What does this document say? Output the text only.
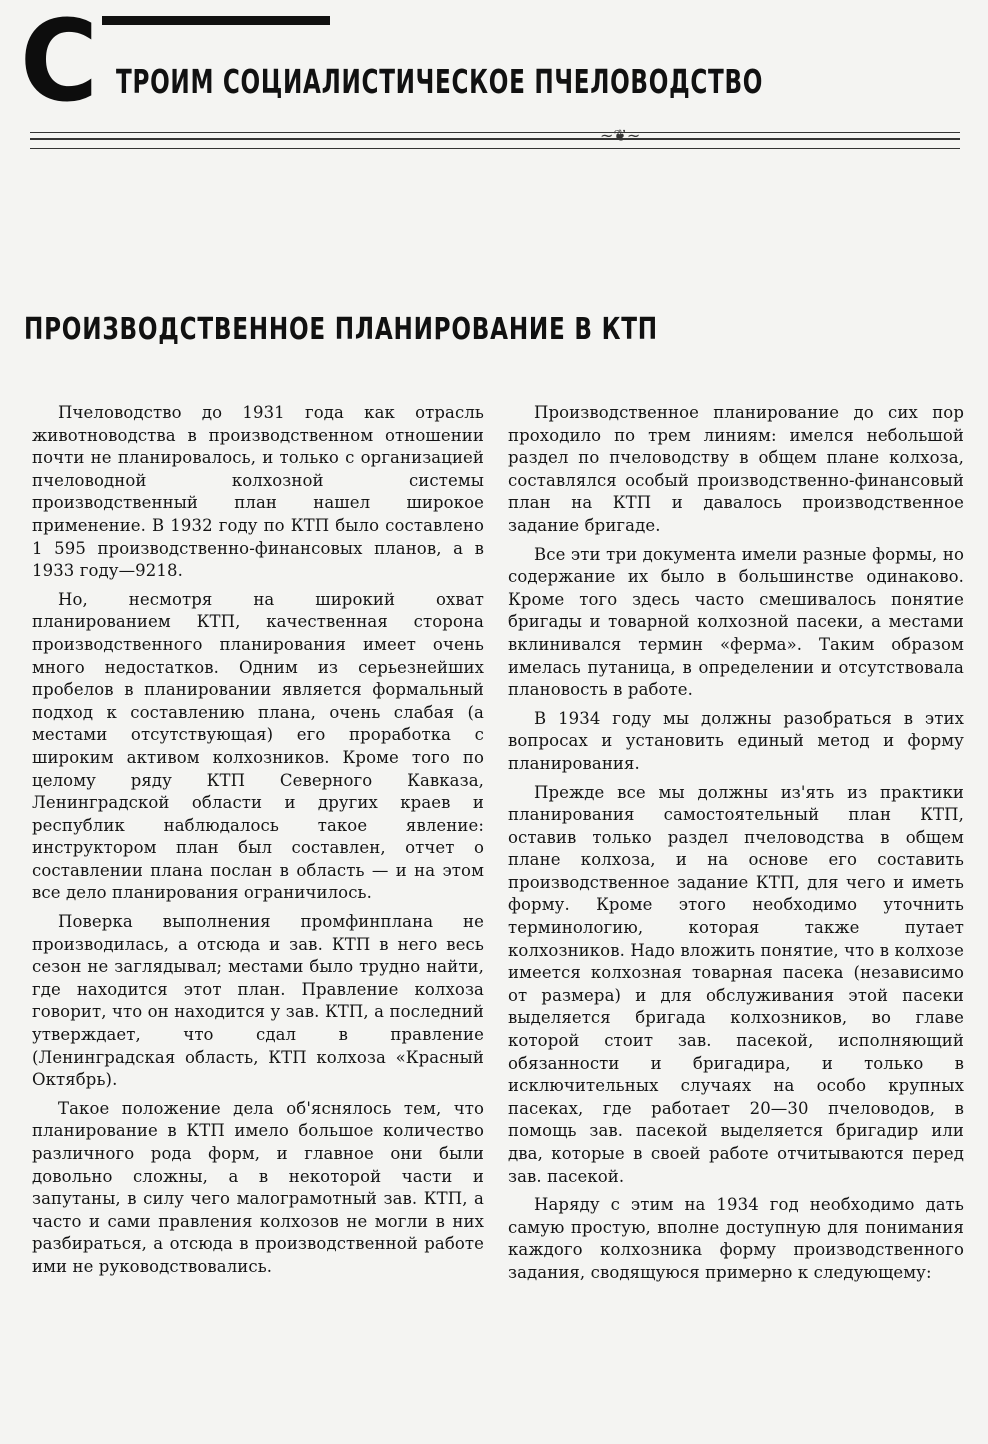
С ТРОИМ СОЦИАЛИСТИЧЕСКОЕ ПЧЕЛОВОДСТВО
~❦~
ПРОИЗВОДСТВЕННОЕ ПЛАНИРОВАНИЕ В КТП

Пчеловодство до 1931 года как отрасль животноводства в производственном отношении почти не планировалось, и только с организацией пчеловодной колхозной системы производственный план нашел широкое применение. В 1932 году по КТП было составлено 1 595 производственно-финансовых планов, а в 1933 году—9218.

Но, несмотря на широкий охват планированием КТП, качественная сторона производственного планирования имеет очень много недостатков. Одним из серьезнейших пробелов в планировании является формальный подход к составлению плана, очень слабая (а местами отсутствующая) его проработка с широким активом колхозников. Кроме того по целому ряду КТП Северного Кавказа, Ленинградской области и других краев и республик наблюдалось такое явление: инструктором план был составлен, отчет о составлении плана послан в область — и на этом все дело планирования ограничилось.

Поверка выполнения промфинплана не производилась, а отсюда и зав. КТП в него весь сезон не заглядывал; местами было трудно найти, где находится этот план. Правление колхоза говорит, что он находится у зав. КТП, а последний утверждает, что сдал в правление (Ленинградская область, КТП колхоза «Красный Октябрь).

Такое положение дела об'яснялось тем, что планирование в КТП имело большое количество различного рода форм, и главное они были довольно сложны, а в некоторой части и запутаны, в силу чего малограмотный зав. КТП, а часто и сами правления колхозов не могли в них разбираться, а отсюда в производственной работе ими не руководствовались.

Производственное планирование до сих пор проходило по трем линиям: имелся небольшой раздел по пчеловодству в общем плане колхоза, составлялся особый производственно-финансовый план на КТП и давалось производственное задание бригаде.

Все эти три документа имели разные формы, но содержание их было в большинстве одинаково. Кроме того здесь часто смешивалось понятие бригады и товарной колхозной пасеки, а местами вклинивался термин «ферма». Таким образом имелась путаница, в определении и отсутствовала плановость в работе.

В 1934 году мы должны разобраться в этих вопросах и установить единый метод и форму планирования.

Прежде все мы должны из'ять из практики планирования самостоятельный план КТП, оставив только раздел пчеловодства в общем плане колхоза, и на основе его составить производственное задание КТП, для чего и иметь форму. Кроме этого необходимо уточнить терминологию, которая также путает колхозников. Надо вложить понятие, что в колхозе имеется колхозная товарная пасека (независимо от размера) и для обслуживания этой пасеки выделяется бригада колхозников, во главе которой стоит зав. пасекой, исполняющий обязанности и бригадира, и только в исключительных случаях на особо крупных пасеках, где работает 20—30 пчеловодов, в помощь зав. пасекой выделяется бригадир или два, которые в своей работе отчитываются перед зав. пасекой.

Наряду с этим на 1934 год необходимо дать самую простую, вполне доступную для понимания каждого колхозника форму производственного задания, сводящуюся примерно к следующему:
